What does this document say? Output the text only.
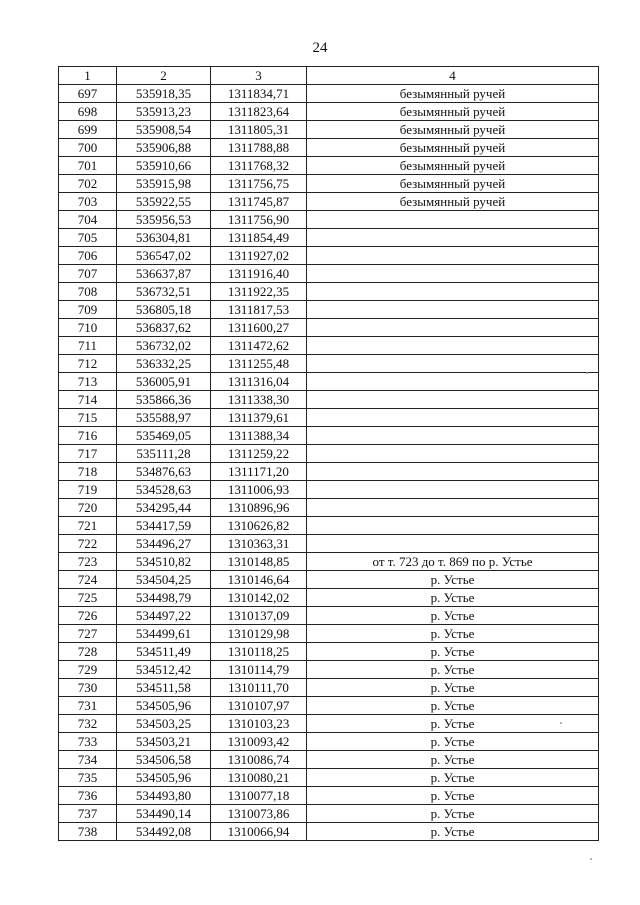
24
1	2	3	4
697	535918,35	1311834,71	безымянный ручей
698	535913,23	1311823,64	безымянный ручей
699	535908,54	1311805,31	безымянный ручей
700	535906,88	1311788,88	безымянный ручей
701	535910,66	1311768,32	безымянный ручей
702	535915,98	1311756,75	безымянный ручей
703	535922,55	1311745,87	безымянный ручей
704	535956,53	1311756,90	
705	536304,81	1311854,49	
706	536547,02	1311927,02	
707	536637,87	1311916,40	
708	536732,51	1311922,35	
709	536805,18	1311817,53	
710	536837,62	1311600,27	
711	536732,02	1311472,62	
712	536332,25	1311255,48	
713	536005,91	1311316,04	
714	535866,36	1311338,30	
715	535588,97	1311379,61	
716	535469,05	1311388,34	
717	535111,28	1311259,22	
718	534876,63	1311171,20	
719	534528,63	1311006,93	
720	534295,44	1310896,96	
721	534417,59	1310626,82	
722	534496,27	1310363,31	
723	534510,82	1310148,85	от т. 723 до т. 869 по р. Устье
724	534504,25	1310146,64	р. Устье
725	534498,79	1310142,02	р. Устье
726	534497,22	1310137,09	р. Устье
727	534499,61	1310129,98	р. Устье
728	534511,49	1310118,25	р. Устье
729	534512,42	1310114,79	р. Устье
730	534511,58	1310111,70	р. Устье
731	534505,96	1310107,97	р. Устье
732	534503,25	1310103,23	р. Устье
733	534503,21	1310093,42	р. Устье
734	534506,58	1310086,74	р. Устье
735	534505,96	1310080,21	р. Устье
736	534493,80	1310077,18	р. Устье
737	534490,14	1310073,86	р. Устье
738	534492,08	1310066,94	р. Устье
